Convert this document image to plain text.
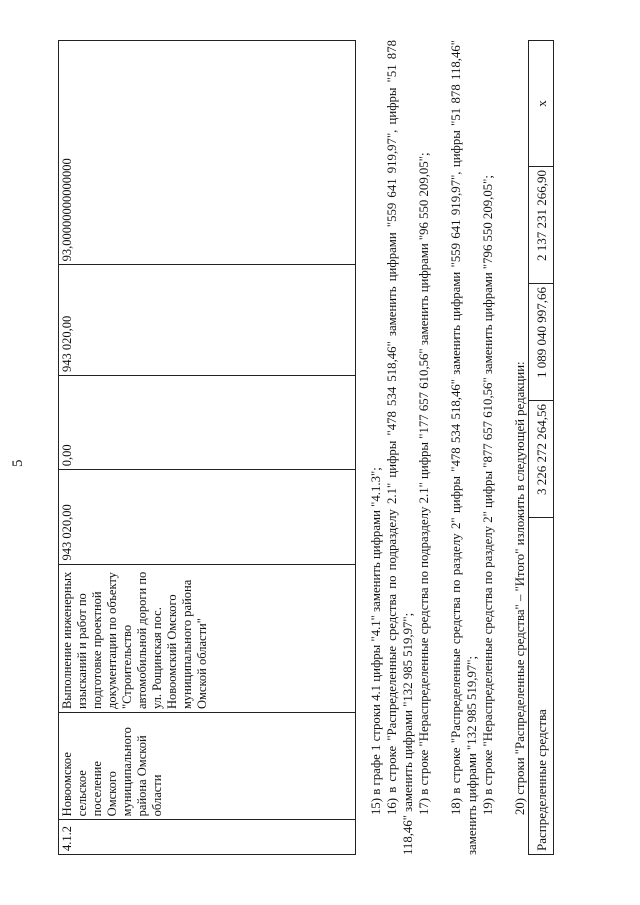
5
4.1.2	Новоомское сельское поселение Омского муниципального района Омской области	Выполнение инженерных изысканий и работ по подготовке проектной документации по объекту "Строительство автомобильной дороги по ул. Рощинская пос. Новоомский Омского муниципального района Омской области"	943 020,00	0,00	943 020,00	93,00000000000000
15) в графе 1 строки 4.1 цифры "4.1" заменить цифрами "4.1.3"; 16) в строке "Распределенные средства по подразделу 2.1" цифры "478 534 518,46" заменить цифрами "559 641 919,97", цифры "51 878 118,46" заменить цифрами "132 985 519,97"; 17) в строке "Нераспределенные средства по подразделу 2.1" цифры "177 657 610,56" заменить цифрами "96 550 209,05"; 18) в строке "Распределенные средства по разделу 2" цифры "478 534 518,46" заменить цифрами "559 641 919,97", цифры "51 878 118,46" заменить цифрами "132 985 519,97"; 19) в строке "Нераспределенные средства по разделу 2" цифры "877 657 610,56" заменить цифрами "796 550 209,05"; 20) строки "Распределенные средства" – "Итого" изложить в следующей редакции: Распределенные средства	3 226 272 264,56	1 089 040 997,66	2 137 231 266,90	x
